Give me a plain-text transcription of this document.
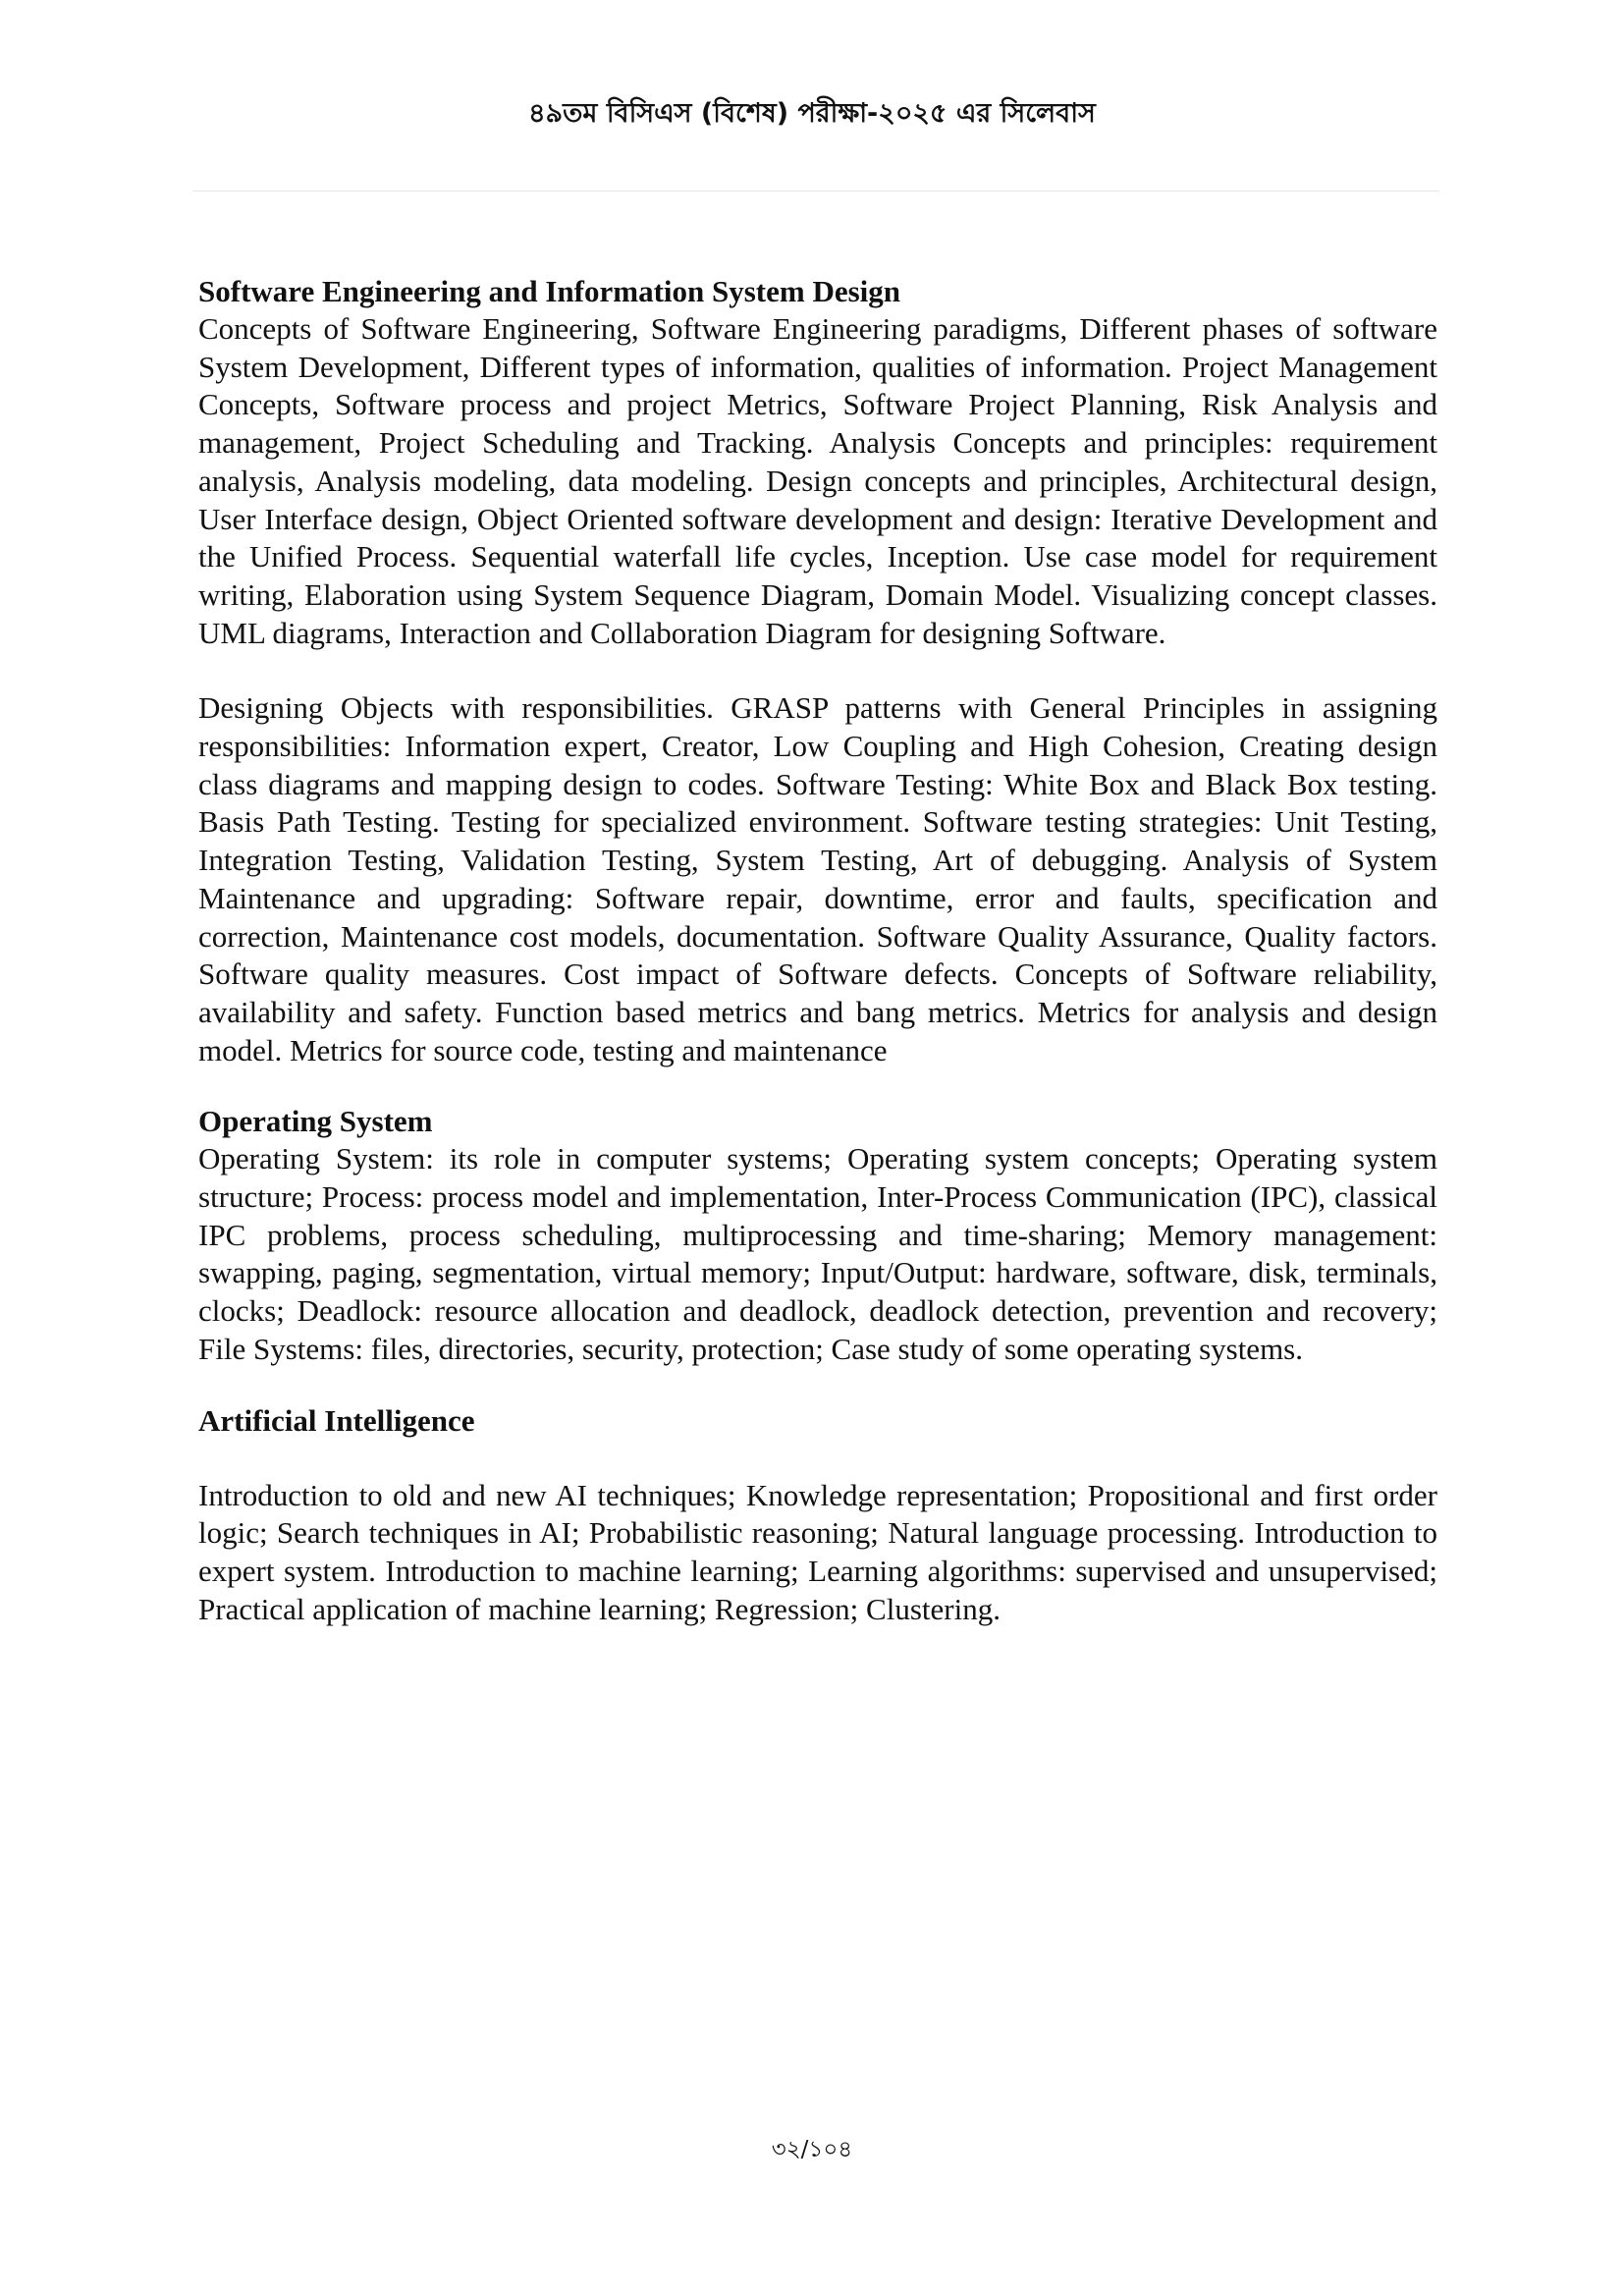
৪৯তম বিসিএস (বিশেষ) পরীক্ষা-২০২৫ এর সিলেবাস
Software Engineering and Information System Design

Concepts of Software Engineering, Software Engineering paradigms, Different phases of software System Development, Different types of information, qualities of information. Project Management Concepts, Software process and project Metrics, Software Project Planning, Risk Analysis and management, Project Scheduling and Tracking. Analysis Concepts and principles: requirement analysis, Analysis modeling, data modeling. Design concepts and principles, Architectural design, User Interface design, Object Oriented software development and design: Iterative Development and the Unified Process. Sequential waterfall life cycles, Inception. Use case model for requirement writing, Elaboration using System Sequence Diagram, Domain Model. Visualizing concept classes. UML diagrams, Interaction and Collaboration Diagram for designing Software.

Designing Objects with responsibilities. GRASP patterns with General Principles in assigning responsibilities: Information expert, Creator, Low Coupling and High Cohesion, Creating design class diagrams and mapping design to codes. Software Testing: White Box and Black Box testing. Basis Path Testing. Testing for specialized environment. Software testing strategies: Unit Testing, Integration Testing, Validation Testing, System Testing, Art of debugging. Analysis of System Maintenance and upgrading: Software repair, downtime, error and faults, specification and correction, Maintenance cost models, documentation. Software Quality Assurance, Quality factors. Software quality measures. Cost impact of Software defects. Concepts of Software reliability, availability and safety. Function based metrics and bang metrics. Metrics for analysis and design model. Metrics for source code, testing and maintenance

Operating System

Operating System: its role in computer systems; Operating system concepts; Operating system structure; Process: process model and implementation, Inter-Process Communication (IPC), classical IPC problems, process scheduling, multiprocessing and time-sharing; Memory management: swapping, paging, segmentation, virtual memory; Input/Output: hardware, software, disk, terminals, clocks; Deadlock: resource allocation and deadlock, deadlock detection, prevention and recovery; File Systems: files, directories, security, protection; Case study of some operating systems.

Artificial Intelligence

Introduction to old and new AI techniques; Knowledge representation; Propositional and first order logic; Search techniques in AI; Probabilistic reasoning; Natural language processing. Introduction to expert system. Introduction to machine learning; Learning algorithms: supervised and unsupervised; Practical application of machine learning; Regression; Clustering.

৩২/১০৪
